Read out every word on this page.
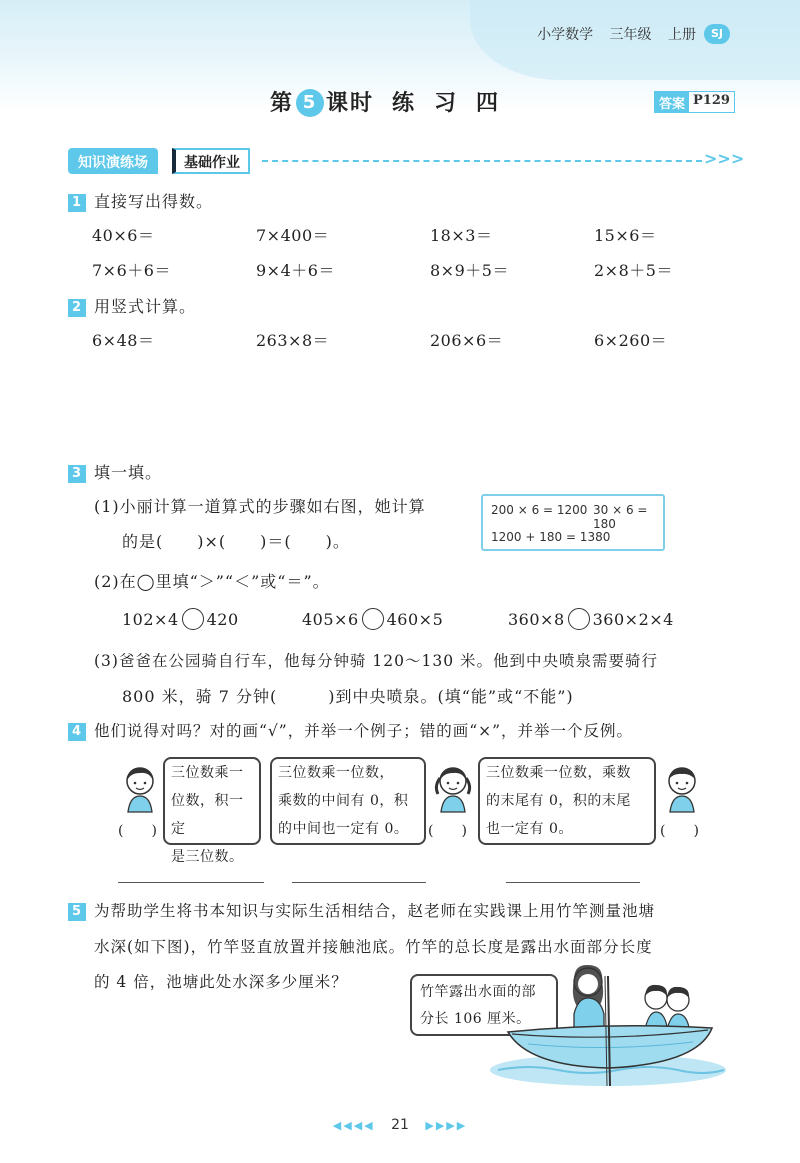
小学数学 三年级 上册	SJ
第 5 课时 练习四	答案 P129
知识演练场	基础作业	>>>
1 直接写出得数。
40×6＝	7×400＝	18×3＝	15×6＝
7×6＋6＝	9×4＋6＝	8×9＋5＝	2×8＋5＝
2 用竖式计算。
6×48＝	263×8＝	206×6＝	6×260＝
3 填一填。
(1)小丽计算一道算式的步骤如右图，她计算
的是(　　)×(　　)＝(　　)。
200 × 6 = 1200 30 × 6 = 180
1200 + 180 = 1380
(2)在◯里填“＞”“＜”或“＝”。
102×4 420	405×6 460×5	360×8 360×2×4
(3)爸爸在公园骑自行车，他每分钟骑 120～130 米。他到中央喷泉需要骑行
800 米，骑 7 分钟(　　　)到中央喷泉。(填“能”或“不能”)
4 他们说得对吗？对的画“√”，并举一个例子；错的画“×”，并举一个反例。
(　　)
三位数乘一
位数，积一定
是三位数。
三位数乘一位数，
乘数的中间有 0，积
的中间也一定有 0。	(　　)
三位数乘一位数，乘数
的末尾有 0，积的末尾
也一定有 0。	(　　)
5 为帮助学生将书本知识与实际生活相结合，赵老师在实践课上用竹竿测量池塘
水深(如下图)，竹竿竖直放置并接触池底。竹竿的总长度是露出水面部分长度
的 4 倍，池塘此处水深多少厘米？
竹竿露出水面的部
分长 106 厘米。
◀◀◀◀ 21 ▶▶▶▶
